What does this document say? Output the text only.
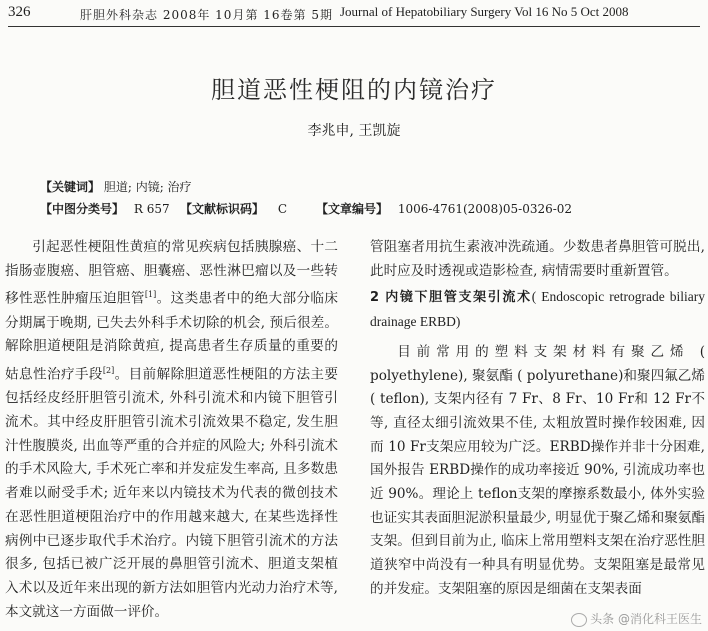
326	肝胆外科杂志 2008年 10月第 16卷第 5期 Journal of Hepatobiliary Surgery Vol 16 No 5 Oct 2008
胆道恶性梗阻的内镜治疗
李兆申, 王凯旋
【关键词】 胆道; 内镜; 治疗
【中图分类号】 R 657 【文献标识码】 C 【文章编号】 1006-4761(2008)05-0326-02

引起恶性梗阻性黄疸的常见疾病包括胰腺癌、十二指肠壶腹癌、胆管癌、胆囊癌、恶性淋巴瘤以及一些转移性恶性肿瘤压迫胆管[1]。这类患者中的绝大部分临床分期属于晚期, 已失去外科手术切除的机会, 预后很差。解除胆道梗阻是消除黄疸, 提高患者生存质量的重要的姑息性治疗手段[2]。目前解除胆道恶性梗阻的方法主要包括经皮经肝胆管引流术, 外科引流术和内镜下胆管引流术。其中经皮肝胆管引流术引流效果不稳定, 发生胆汁性腹膜炎, 出血等严重的合并症的风险大; 外科引流术的手术风险大, 手术死亡率和并发症发生率高, 且多数患者难以耐受手术; 近年来以内镜技术为代表的微创技术在恶性胆道梗阻治疗中的作用越来越大, 在某些选择性病例中已逐步取代手术治疗。内镜下胆管引流术的方法很多, 包括已被广泛开展的鼻胆管引流术、胆道支架植入术以及近年来出现的新方法如胆管内光动力治疗术等, 本文就这一方面做一评价。

管阻塞者用抗生素液冲洗疏通。少数患者鼻胆管可脱出, 此时应及时透视或造影检查, 病情需要时重新置管。

2 内镜下胆管支架引流术( Endoscopic retrograde biliary drainage ERBD)

目前常用的塑料支架材料有聚乙烯 ( polyethylene), 聚氨酯 ( polyurethane)和聚四氟乙烯 ( teflon), 支架内径有 7 Fr、8 Fr、10 Fr和 12 Fr不等, 直径太细引流效果不佳, 太粗放置时操作较困难, 因而 10 Fr支架应用较为广泛。ERBD操作并非十分困难, 国外报告 ERBD操作的成功率接近 90%, 引流成功率也近 90%。理论上 teflon支架的摩擦系数最小, 体外实验也证实其表面胆泥淤积量最少, 明显优于聚乙烯和聚氨酯支架。但到目前为止, 临床上常用塑料支架在治疗恶性胆道狭窄中尚没有一种具有明显优势。支架阻塞是最常见的并发症。支架阻塞的原因是细菌在支架表面

头条 @消化科王医生
